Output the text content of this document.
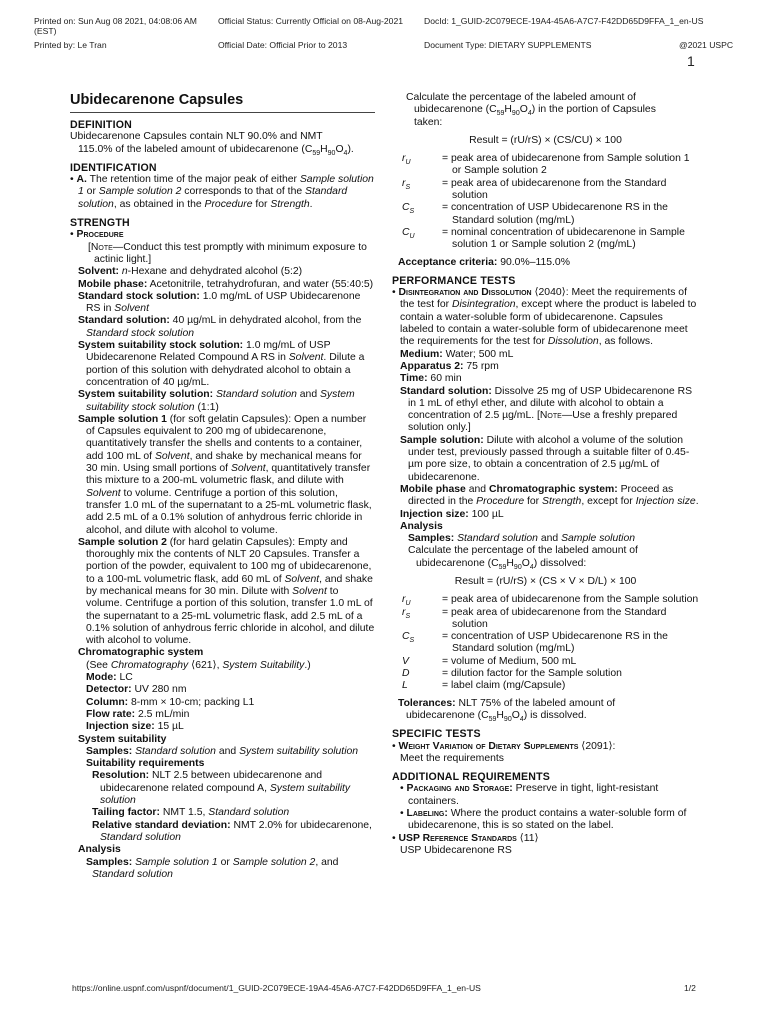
Printed on: Sun Aug 08 2021, 04:08:06 AM
(EST)
Printed by: Le Tran
Official Status: Currently Official on 08-Aug-2021
Official Date: Official Prior to 2013
DocId: 1_GUID-2C079ECE-19A4-45A6-A7C7-F42DD65D9FFA_1_en-US
Document Type: DIETARY SUPPLEMENTS	@2021 USPC
1
Ubidecarenone Capsules
DEFINITION

Ubidecarenone Capsules contain NLT 90.0% and NMT
115.0% of the labeled amount of ubidecarenone $(C_{59}H_{90}O_4)$.

IDENTIFICATION

• A. The retention time of the major peak of either Sample solution 1 or Sample solution 2 corresponds to that of the Standard solution, as obtained in the Procedure for Strength.

STRENGTH

• Procedure

[Note—Conduct this test promptly with minimum exposure to actinic light.]

Solvent: n-Hexane and dehydrated alcohol (5:2)

Mobile phase: Acetonitrile, tetrahydrofuran, and water (55:40:5)

Standard stock solution: 1.0 mg/mL of USP Ubidecarenone RS in Solvent

Standard solution: 40 µg/mL in dehydrated alcohol, from the Standard stock solution

System suitability stock solution: 1.0 mg/mL of USP Ubidecarenone Related Compound A RS in Solvent. Dilute a portion of this solution with dehydrated alcohol to obtain a concentration of 40 µg/mL.

System suitability solution: Standard solution and System suitability stock solution (1:1)

Sample solution 1 (for soft gelatin Capsules): Open a number of Capsules equivalent to 200 mg of ubidecarenone, quantitatively transfer the shells and contents to a container, add 100 mL of Solvent, and shake by mechanical means for 30 min. Using small portions of Solvent, quantitatively transfer this mixture to a 200-mL volumetric flask, and dilute with Solvent to volume. Centrifuge a portion of this solution, transfer 1.0 mL of the supernatant to a 25-mL volumetric flask, add 2.5 mL of a 0.1% solution of anhydrous ferric chloride in alcohol, and dilute with alcohol to volume.

Sample solution 2 (for hard gelatin Capsules): Empty and thoroughly mix the contents of NLT 20 Capsules. Transfer a portion of the powder, equivalent to 100 mg of ubidecarenone, to a 100-mL volumetric flask, add 60 mL of Solvent, and shake by mechanical means for 30 min. Dilute with Solvent to volume. Centrifuge a portion of this solution, transfer 1.0 mL of the supernatant to a 25-mL volumetric flask, add 2.5 mL of a 0.1% solution of anhydrous ferric chloride in alcohol, and dilute with alcohol to volume.

Chromatographic system

(See Chromatography ⟨621⟩, System Suitability.)

Mode: LC

Detector: UV 280 nm

Column: 8-mm × 10-cm; packing L1

Flow rate: 2.5 mL/min

Injection size: 15 µL

System suitability

Samples: Standard solution and System suitability solution

Suitability requirements

Resolution: NLT 2.5 between ubidecarenone and ubidecarenone related compound A, System suitability solution

Tailing factor: NMT 1.5, Standard solution

Relative standard deviation: NMT 2.0% for ubidecarenone, Standard solution

Analysis

Samples: Sample solution 1 or Sample solution 2, and Standard solution

Calculate the percentage of the labeled amount of
ubidecarenone $(C_{59}H_{90}O_4)$ in the portion of Capsules
taken:

Result = (rU/rS) × (CS/CU) × 100
$r_U$	= peak area of ubidecarenone from Sample solution 1 or Sample solution 2
$r_S$	= peak area of ubidecarenone from the Standard solution
$C_S$	= concentration of USP Ubidecarenone RS in the Standard solution (mg/mL)
$C_U$	= nominal concentration of ubidecarenone in Sample solution 1 or Sample solution 2 (mg/mL)

Acceptance criteria: 90.0%–115.0%

PERFORMANCE TESTS

• Disintegration and Dissolution ⟨2040⟩: Meet the requirements of the test for Disintegration, except where the product is labeled to contain a water-soluble form of ubidecarenone. Capsules labeled to contain a water-soluble form of ubidecarenone meet the requirements for the test for Dissolution, as follows.

Medium: Water; 500 mL

Apparatus 2: 75 rpm

Time: 60 min

Standard solution: Dissolve 25 mg of USP Ubidecarenone RS in 1 mL of ethyl ether, and dilute with alcohol to obtain a concentration of 2.5 µg/mL. [Note—Use a freshly prepared solution only.]

Sample solution: Dilute with alcohol a volume of the solution under test, previously passed through a suitable filter of 0.45-µm pore size, to obtain a concentration of 2.5 µg/mL of ubidecarenone.

Mobile phase and Chromatographic system: Proceed as directed in the Procedure for Strength, except for Injection size.

Injection size: 100 µL

Analysis

Samples: Standard solution and Sample solution

Calculate the percentage of the labeled amount of
ubidecarenone $(C_{59}H_{90}O_4)$ dissolved:

Result = (rU/rS) × (CS × V × D/L) × 100
$r_U$	= peak area of ubidecarenone from the Sample solution
$r_S$	= peak area of ubidecarenone from the Standard solution
$C_S$	= concentration of USP Ubidecarenone RS in the Standard solution (mg/mL)
V	= volume of Medium, 500 mL
D	= dilution factor for the Sample solution
L	= label claim (mg/Capsule)

Tolerances: NLT 75% of the labeled amount of
ubidecarenone $(C_{59}H_{90}O_4)$ is dissolved.

SPECIFIC TESTS

• Weight Variation of Dietary Supplements ⟨2091⟩:

Meet the requirements

ADDITIONAL REQUIREMENTS

• Packaging and Storage: Preserve in tight, light-resistant containers.

• Labeling: Where the product contains a water-soluble form of ubidecarenone, this is so stated on the label.

• USP Reference Standards ⟨11⟩

USP Ubidecarenone RS

https://online.uspnf.com/uspnf/document/1_GUID-2C079ECE-19A4-45A6-A7C7-F42DD65D9FFA_1_en-US	1/2
